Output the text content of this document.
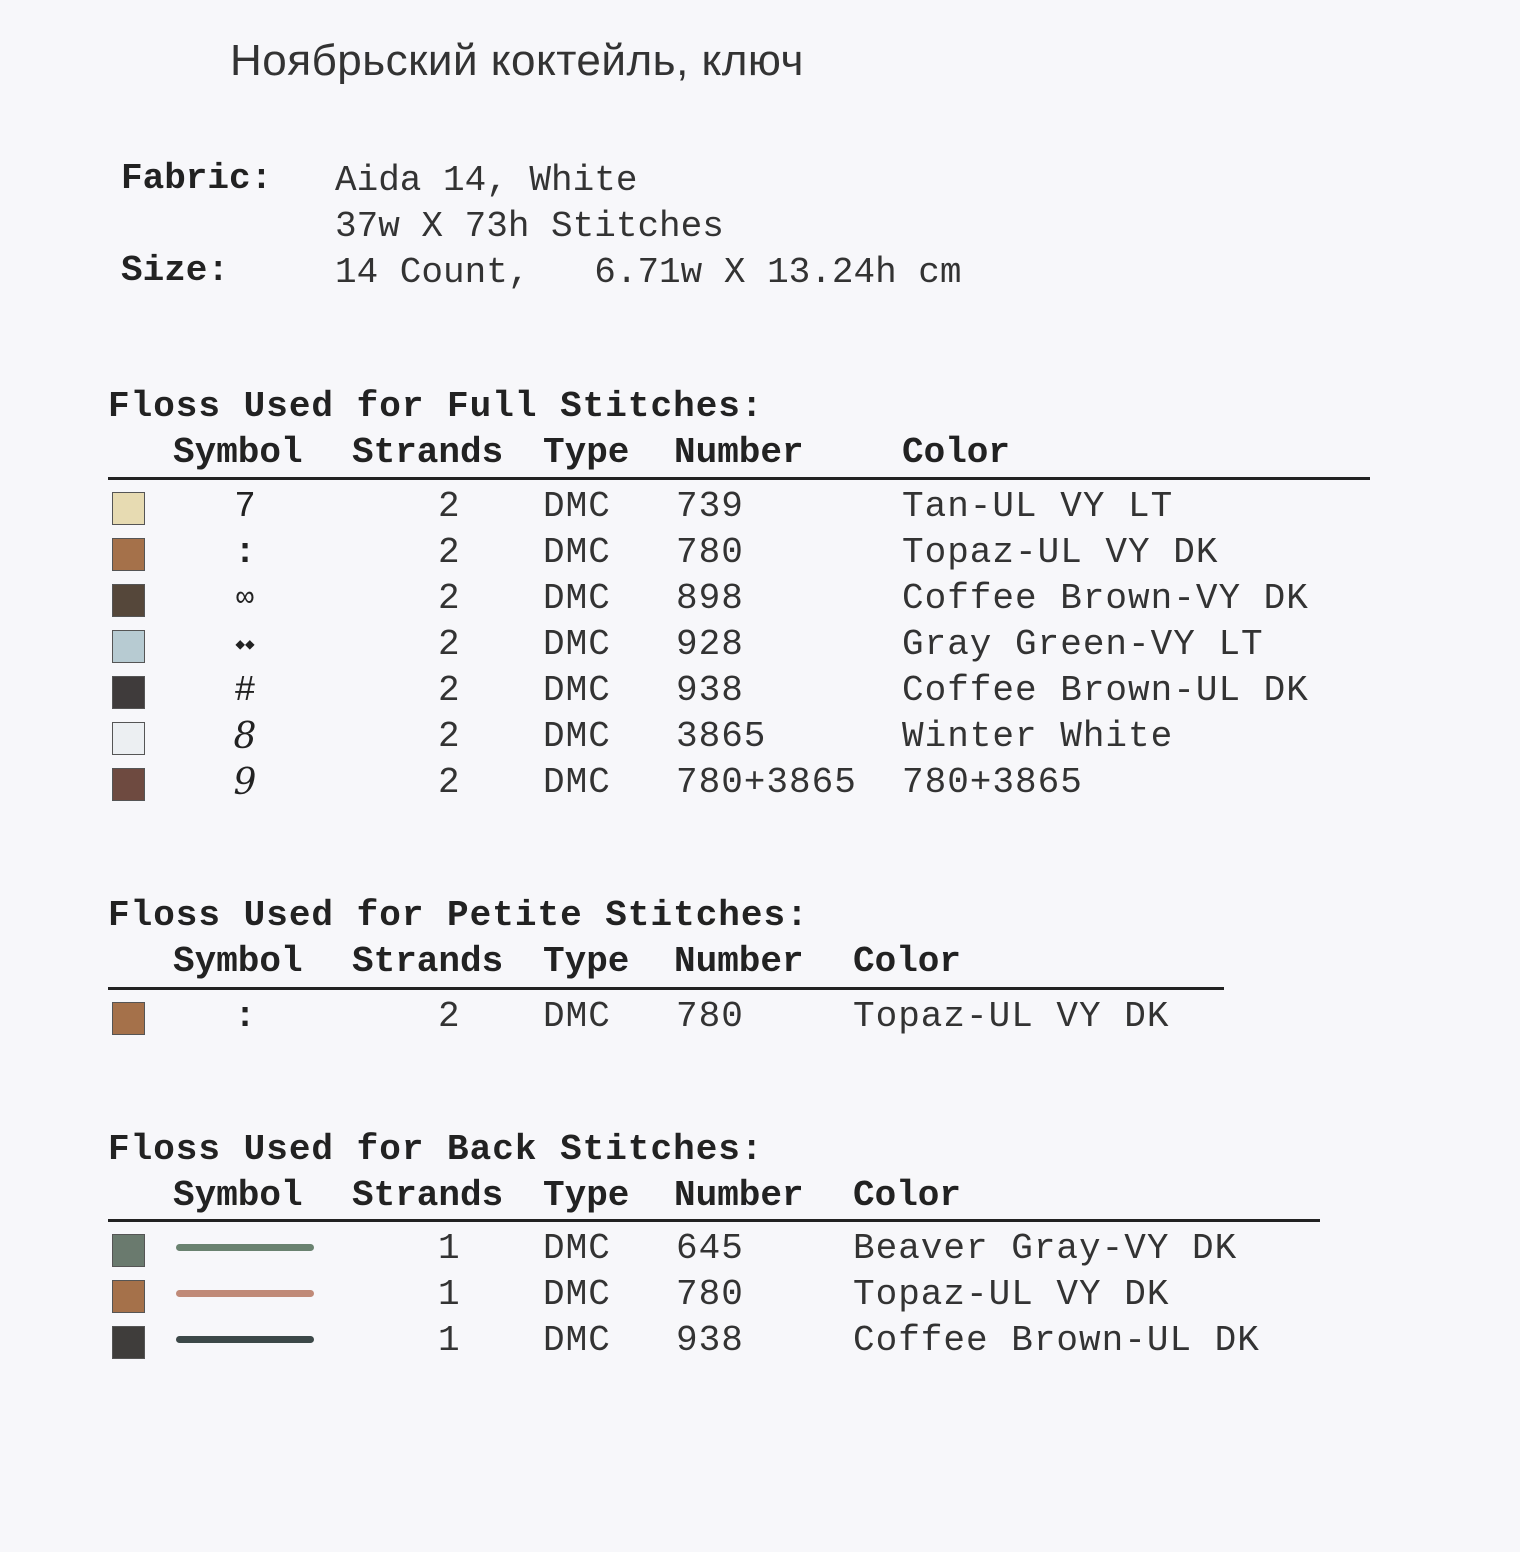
Ноябрьский коктейль, ключ
Fabric: Aida 14, White
37w X 73h Stitches
Size:	14 Count,   6.71w X 13.24h cm
Floss Used for Full Stitches:
Symbol Strands Type Number	Color
7	2 DMC 739	Tan-UL VY LT
:	2 DMC 780	Topaz-UL VY DK
∞	2 DMC 898	Coffee Brown-VY DK
◆◆	2 DMC 928	Gray Green-VY LT
#	2 DMC 938	Coffee Brown-UL DK
8	2 DMC 3865	Winter White
9	2 DMC 780+3865 780+3865
Floss Used for Petite Stitches:
Symbol Strands Type Number Color
:	2 DMC 780	Topaz-UL VY DK
Floss Used for Back Stitches:
Symbol Strands Type Number Color
1 DMC 645	Beaver Gray-VY DK
1 DMC 780	Topaz-UL VY DK
1 DMC 938	Coffee Brown-UL DK
